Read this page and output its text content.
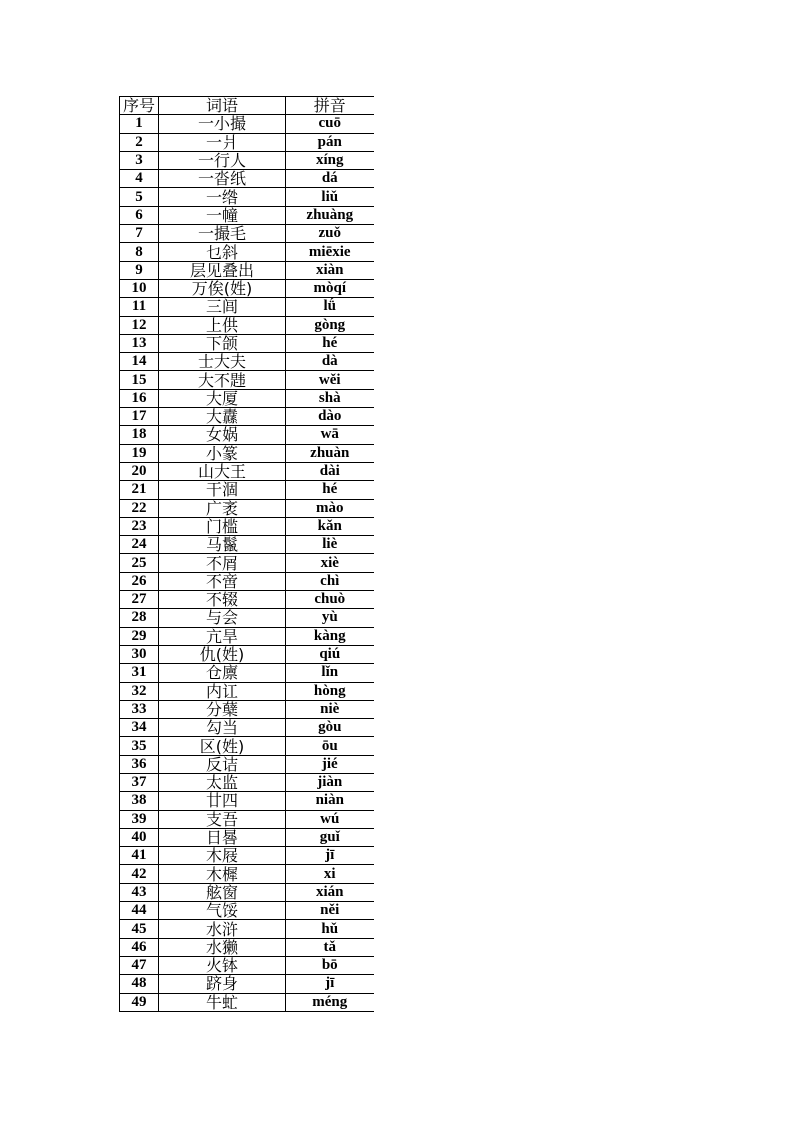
序号	词语	拼音
1	一小撮	cuō
2	一爿	pán
3	一行人	xíng
4	一沓纸	dá
5	一绺	liǔ
6	一幢	zhuàng
7	一撮毛	zuǒ
8	乜斜	miēxie
9	层见叠出	xiàn
10	万俟(姓)	mòqí
11	三闾	lǘ
12	上供	gòng
13	下颌	hé
14	士大夫	dà
15	大不韪	wěi
16	大厦	shà
17	大纛	dào
18	女娲	wā
19	小篆	zhuàn
20	山大王	dài
21	干涸	hé
22	广袤	mào
23	门槛	kǎn
24	马鬣	liè
25	不屑	xiè
26	不啻	chì
27	不辍	chuò
28	与会	yù
29	亢旱	kàng
30	仇(姓)	qiú
31	仓廪	lǐn
32	内讧	hòng
33	分蘖	niè
34	勾当	gòu
35	区(姓)	ōu
36	反诘	jié
37	太监	jiàn
38	廿四	niàn
39	支吾	wú
40	日晷	guǐ
41	木屐	jī
42	木樨	xi
43	舷窗	xián
44	气馁	něi
45	水浒	hǔ
46	水獭	tǎ
47	火钵	bō
48	跻身	jī
49	牛虻	méng
